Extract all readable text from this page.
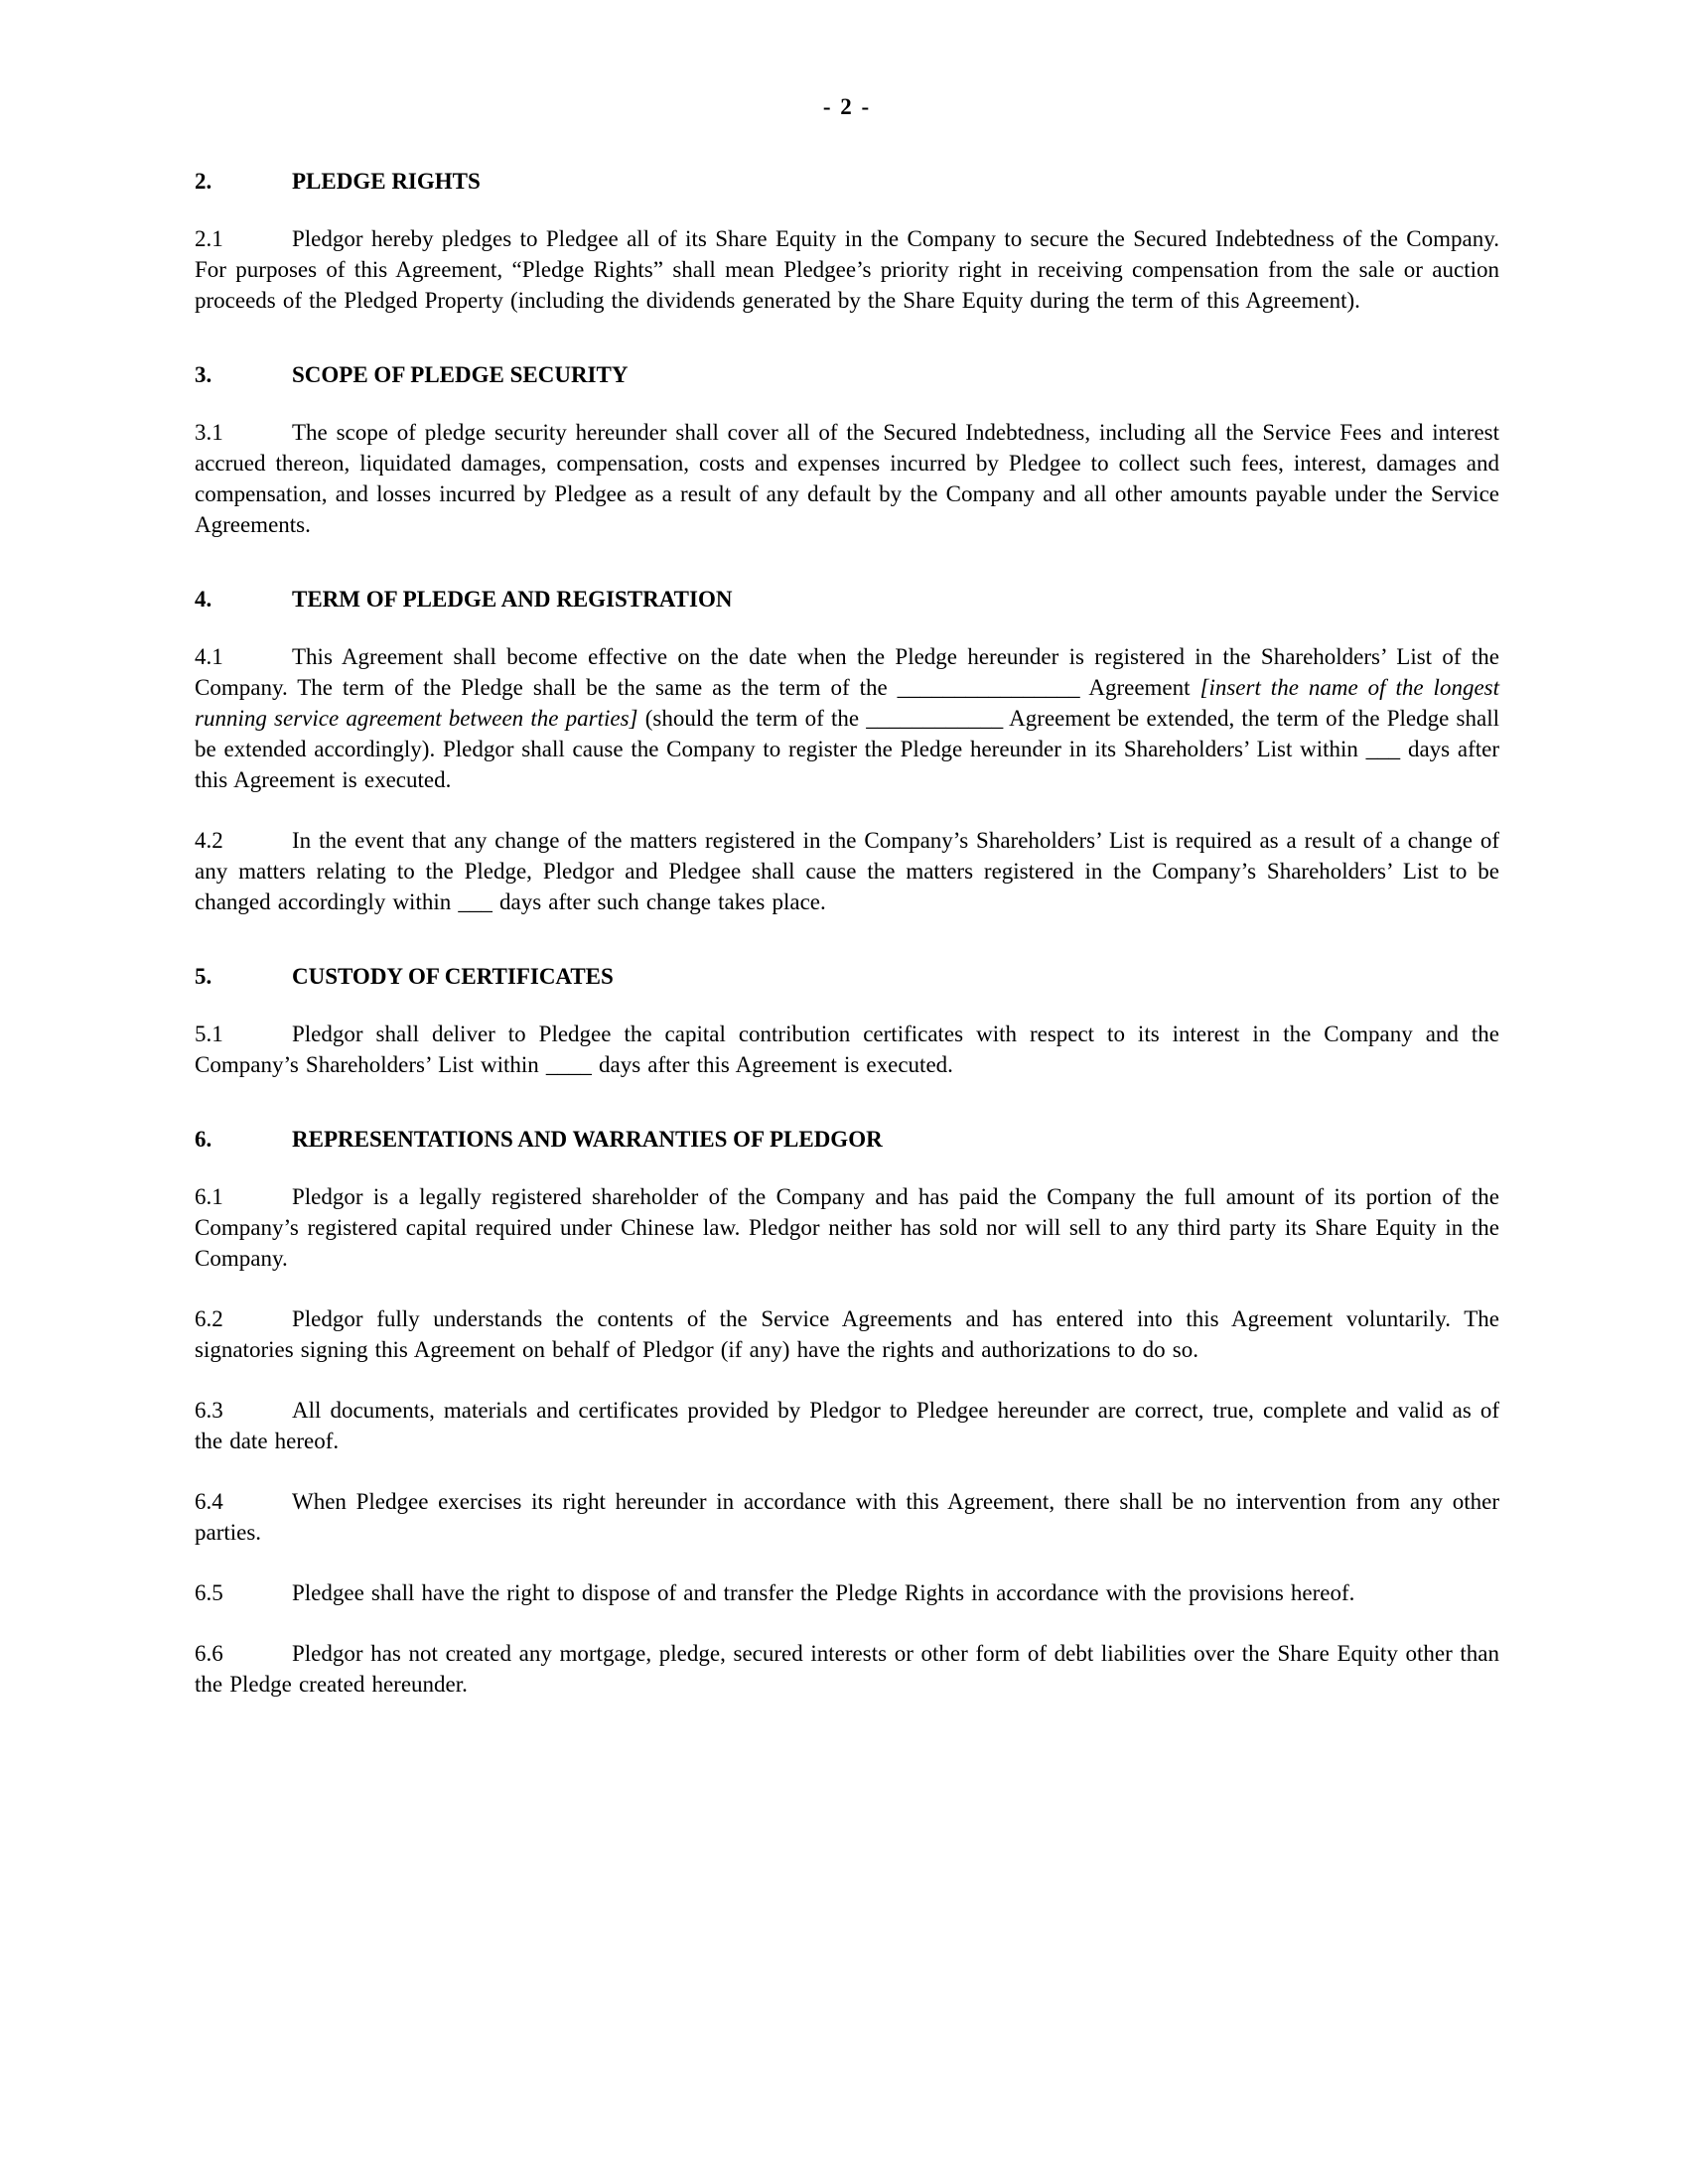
- 2 -
2.	PLEDGE RIGHTS

2.1	Pledgor hereby pledges to Pledgee all of its Share Equity in the Company to secure the Secured Indebtedness of the Company. For purposes of this Agreement, “Pledge Rights” shall mean Pledgee’s priority right in receiving compensation from the sale or auction proceeds of the Pledged Property (including the dividends generated by the Share Equity during the term of this Agreement).

3.	SCOPE OF PLEDGE SECURITY

3.1	The scope of pledge security hereunder shall cover all of the Secured Indebtedness, including all the Service Fees and interest accrued thereon, liquidated damages, compensation, costs and expenses incurred by Pledgee to collect such fees, interest, damages and compensation, and losses incurred by Pledgee as a result of any default by the Company and all other amounts payable under the Service Agreements.

4.	TERM OF PLEDGE AND REGISTRATION

4.1	This Agreement shall become effective on the date when the Pledge hereunder is registered in the Shareholders’ List of the Company. The term of the Pledge shall be the same as the term of the ________________ Agreement [insert the name of the longest running service agreement between the parties] (should the term of the ____________ Agreement be extended, the term of the Pledge shall be extended accordingly). Pledgor shall cause the Company to register the Pledge hereunder in its Shareholders’ List within ___ days after this Agreement is executed.

4.2	In the event that any change of the matters registered in the Company’s Shareholders’ List is required as a result of a change of any matters relating to the Pledge, Pledgor and Pledgee shall cause the matters registered in the Company’s Shareholders’ List to be changed accordingly within ___ days after such change takes place.

5.	CUSTODY OF CERTIFICATES

5.1	Pledgor shall deliver to Pledgee the capital contribution certificates with respect to its interest in the Company and the Company’s Shareholders’ List within ____ days after this Agreement is executed.

6.	REPRESENTATIONS AND WARRANTIES OF PLEDGOR

6.1	Pledgor is a legally registered shareholder of the Company and has paid the Company the full amount of its portion of the Company’s registered capital required under Chinese law. Pledgor neither has sold nor will sell to any third party its Share Equity in the Company.

6.2	Pledgor fully understands the contents of the Service Agreements and has entered into this Agreement voluntarily. The signatories signing this Agreement on behalf of Pledgor (if any) have the rights and authorizations to do so.

6.3	All documents, materials and certificates provided by Pledgor to Pledgee hereunder are correct, true, complete and valid as of the date hereof.

6.4	When Pledgee exercises its right hereunder in accordance with this Agreement, there shall be no intervention from any other parties.

6.5	Pledgee shall have the right to dispose of and transfer the Pledge Rights in accordance with the provisions hereof.

6.6	Pledgor has not created any mortgage, pledge, secured interests or other form of debt liabilities over the Share Equity other than the Pledge created hereunder.
